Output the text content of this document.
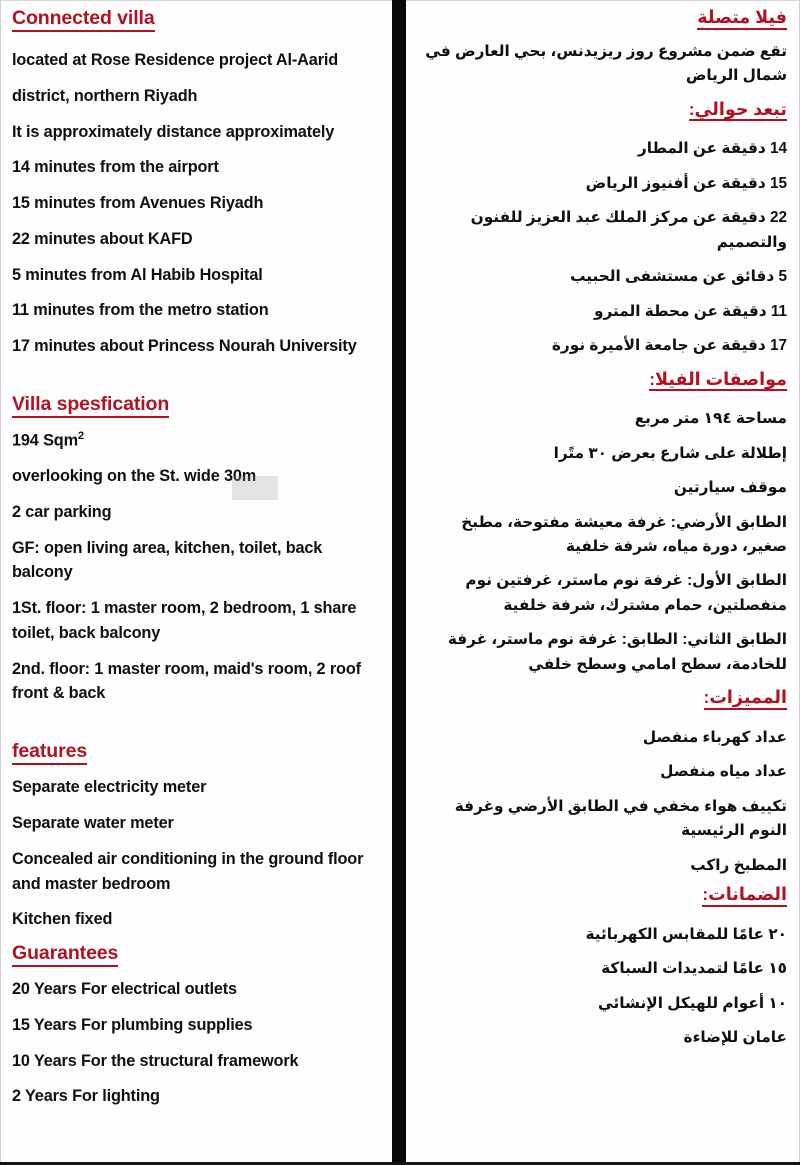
Connected villa

located at Rose Residence project Al-Aarid

district, northern Riyadh

It is approximately distance approximately

14 minutes from the airport

15 minutes from Avenues Riyadh

22 minutes about KAFD

5 minutes from Al Habib Hospital

11 minutes from the metro station

17 minutes about Princess Nourah University

Villa spesfication

194 Sqm$^2$

overlooking on the St. wide 30m

2 car parking

GF: open living area, kitchen, toilet, back balcony

1St. floor: 1 master room, 2 bedroom, 1 share toilet, back balcony

2nd. floor: 1 master room, maid's room, 2 roof front & back

features

Separate electricity meter

Separate water meter

Concealed air conditioning in the ground floor and master bedroom

Kitchen fixed

Guarantees

20 Years For electrical outlets

15 Years For plumbing supplies

10 Years For the structural framework

2 Years For lighting

فيلا متصلة

تقع ضمن مشروع روز ريزيدنس، بحي العارض في شمال الرياض

تبعد حوالي:

14 دقيقة عن المطار

15 دقيقة عن أفنيوز الرياض

22 دقيقة عن مركز الملك عبد العزيز للفنون والتصميم

5 دقائق عن مستشفى الحبيب

11 دقيقة عن محطة المترو

17 دقيقة عن جامعة الأميرة نورة

مواصفات الفيلا:

مساحة ١٩٤ متر مربع

إطلالة على شارع بعرض ٣٠ متًرا

موقف سيارتين

الطابق الأرضي: غرفة معيشة مفتوحة، مطبخ صغير، دورة مياه، شرفة خلفية

الطابق الأول: غرفة نوم ماستر، غرفتين نوم منفصلتين، حمام مشترك، شرفة خلفية

الطابق الثاني: الطابق: غرفة نوم ماستر، غرفة للخادمة، سطح امامي وسطح خلفي

المميزات:

عداد كهرباء منفصل

عداد مياه منفصل

تكييف هواء مخفي في الطابق الأرضي وغرفة النوم الرئيسية

المطبخ راكب

الضمانات:

٢٠ عامًا للمقابس الكهربائية

١٥ عامًا لتمديدات السباكة

١٠ أعوام للهيكل الإنشائي

عامان للإضاءة
